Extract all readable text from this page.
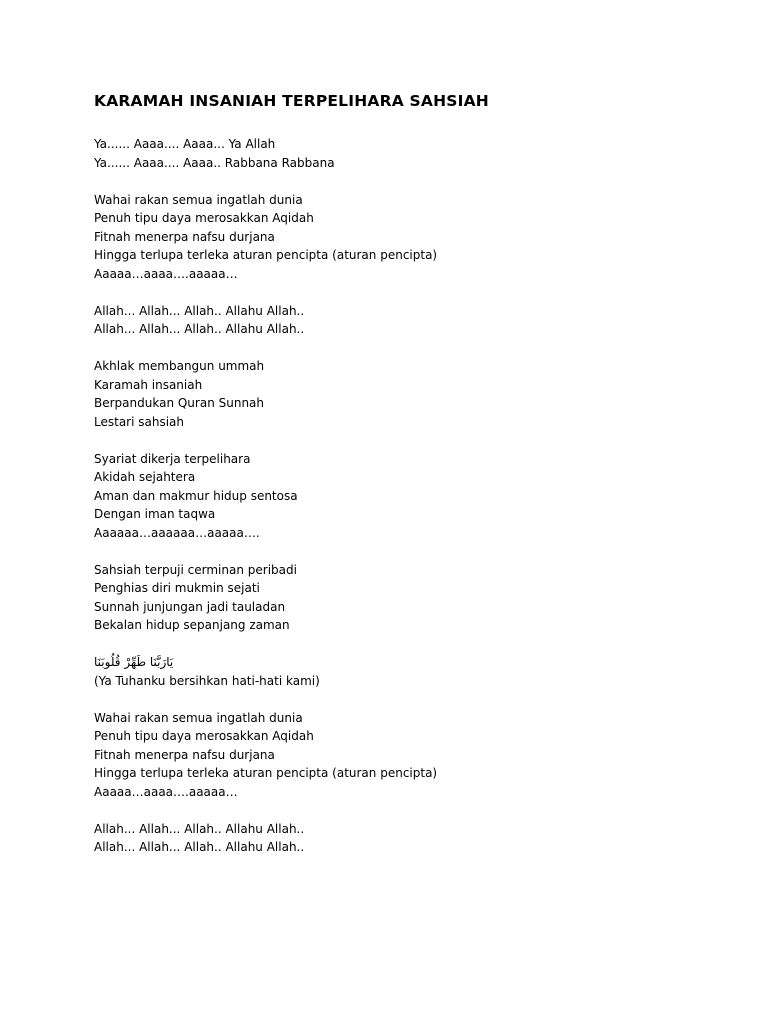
KARAMAH INSANIAH TERPELIHARA SAHSIAH
Ya...... Aaaa.... Aaaa... Ya Allah
Ya...... Aaaa.... Aaaa.. Rabbana Rabbana
Wahai rakan semua ingatlah dunia
Penuh tipu daya merosakkan Aqidah
Fitnah menerpa nafsu durjana
Hingga terlupa terleka aturan pencipta (aturan pencipta)
Aaaaa…aaaa….aaaaa…
Allah... Allah... Allah.. Allahu Allah..
Allah... Allah... Allah.. Allahu Allah..
Akhlak membangun ummah
Karamah insaniah
Berpandukan Quran Sunnah
Lestari sahsiah
Syariat dikerja terpelihara
Akidah sejahtera
Aman dan makmur hidup sentosa
Dengan iman taqwa
Aaaaaa…aaaaaa…aaaaa….
Sahsiah terpuji cerminan peribadi
Penghias diri mukmin sejati
Sunnah junjungan jadi tauladan
Bekalan hidup sepanjang zaman
يَارَبَّنَا طَهِّرْ قُلُوبَنَا
(Ya Tuhanku bersihkan hati-hati kami)
Wahai rakan semua ingatlah dunia
Penuh tipu daya merosakkan Aqidah
Fitnah menerpa nafsu durjana
Hingga terlupa terleka aturan pencipta (aturan pencipta)
Aaaaa…aaaa….aaaaa…
Allah... Allah... Allah.. Allahu Allah..
Allah... Allah... Allah.. Allahu Allah..
